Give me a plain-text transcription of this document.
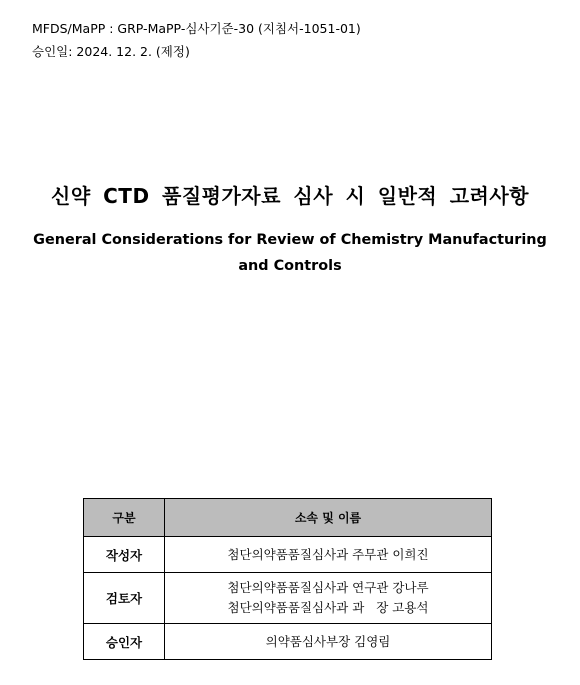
MFDS/MaPP : GRP-MaPP-심사기준-30 (지침서-1051-01)
승인일: 2024. 12. 2. (제정)
신약 CTD 품질평가자료 심사 시 일반적 고려사항
General Considerations for Review of Chemistry Manufacturing and Controls
구분	소속 및 이름
작성자	첨단의약품품질심사과 주무관 이희진

검토자	첨단의약품품질심사과 연구관 강나루
첨단의약품품질심사과 과   장 고용석

승인자	의약품심사부장 김영림
